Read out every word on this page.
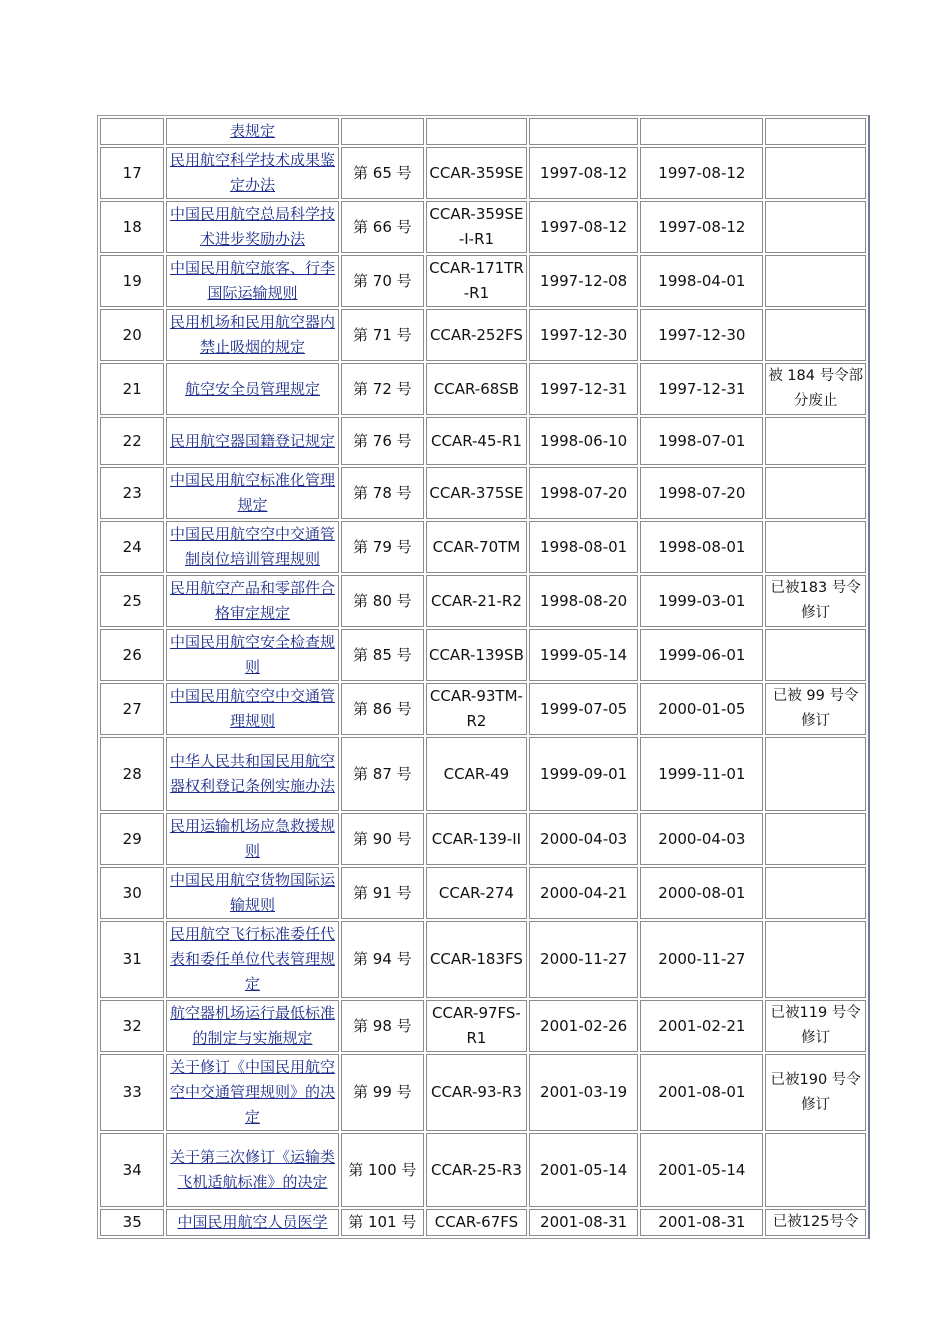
	表规定					
17	民用航空科学技术成果鉴定办法	第 65 号	CCAR-359SE	1997-08-12	1997-08-12	
18	中国民用航空总局科学技术进步奖励办法	第 66 号	CCAR-359SE-I-R1	1997-08-12	1997-08-12	
19	中国民用航空旅客、行李国际运输规则	第 70 号	CCAR-171TR-R1	1997-12-08	1998-04-01	
20	民用机场和民用航空器内禁止吸烟的规定	第 71 号	CCAR-252FS	1997-12-30	1997-12-30	
21	航空安全员管理规定	第 72 号	CCAR-68SB	1997-12-31	1997-12-31	被 184 号令部分废止
22	民用航空器国籍登记规定	第 76 号	CCAR-45-R1	1998-06-10	1998-07-01	
23	中国民用航空标准化管理规定	第 78 号	CCAR-375SE	1998-07-20	1998-07-20	
24	中国民用航空空中交通管制岗位培训管理规则	第 79 号	CCAR-70TM	1998-08-01	1998-08-01	
25	民用航空产品和零部件合格审定规定	第 80 号	CCAR-21-R2	1998-08-20	1999-03-01	已被183 号令修订
26	中国民用航空安全检查规则	第 85 号	CCAR-139SB	1999-05-14	1999-06-01	
27	中国民用航空空中交通管理规则	第 86 号	CCAR-93TM-R2	1999-07-05	2000-01-05	已被 99 号令修订
28	中华人民共和国民用航空器权利登记条例实施办法	第 87 号	CCAR-49	1999-09-01	1999-11-01	
29	民用运输机场应急救援规则	第 90 号	CCAR-139-II	2000-04-03	2000-04-03	
30	中国民用航空货物国际运输规则	第 91 号	CCAR-274	2000-04-21	2000-08-01	
31	民用航空飞行标准委任代表和委任单位代表管理规定	第 94 号	CCAR-183FS	2000-11-27	2000-11-27	
32	航空器机场运行最低标准的制定与实施规定	第 98 号	CCAR-97FS-R1	2001-02-26	2001-02-21	已被119 号令修订
33	关于修订《中国民用航空空中交通管理规则》的决定	第 99 号	CCAR-93-R3	2001-03-19	2001-08-01	已被190 号令修订
34	关于第三次修订《运输类飞机适航标准》的决定	第 100 号	CCAR-25-R3	2001-05-14	2001-05-14	
35	中国民用航空人员医学	第 101 号	CCAR-67FS	2001-08-31	2001-08-31	已被125号令
